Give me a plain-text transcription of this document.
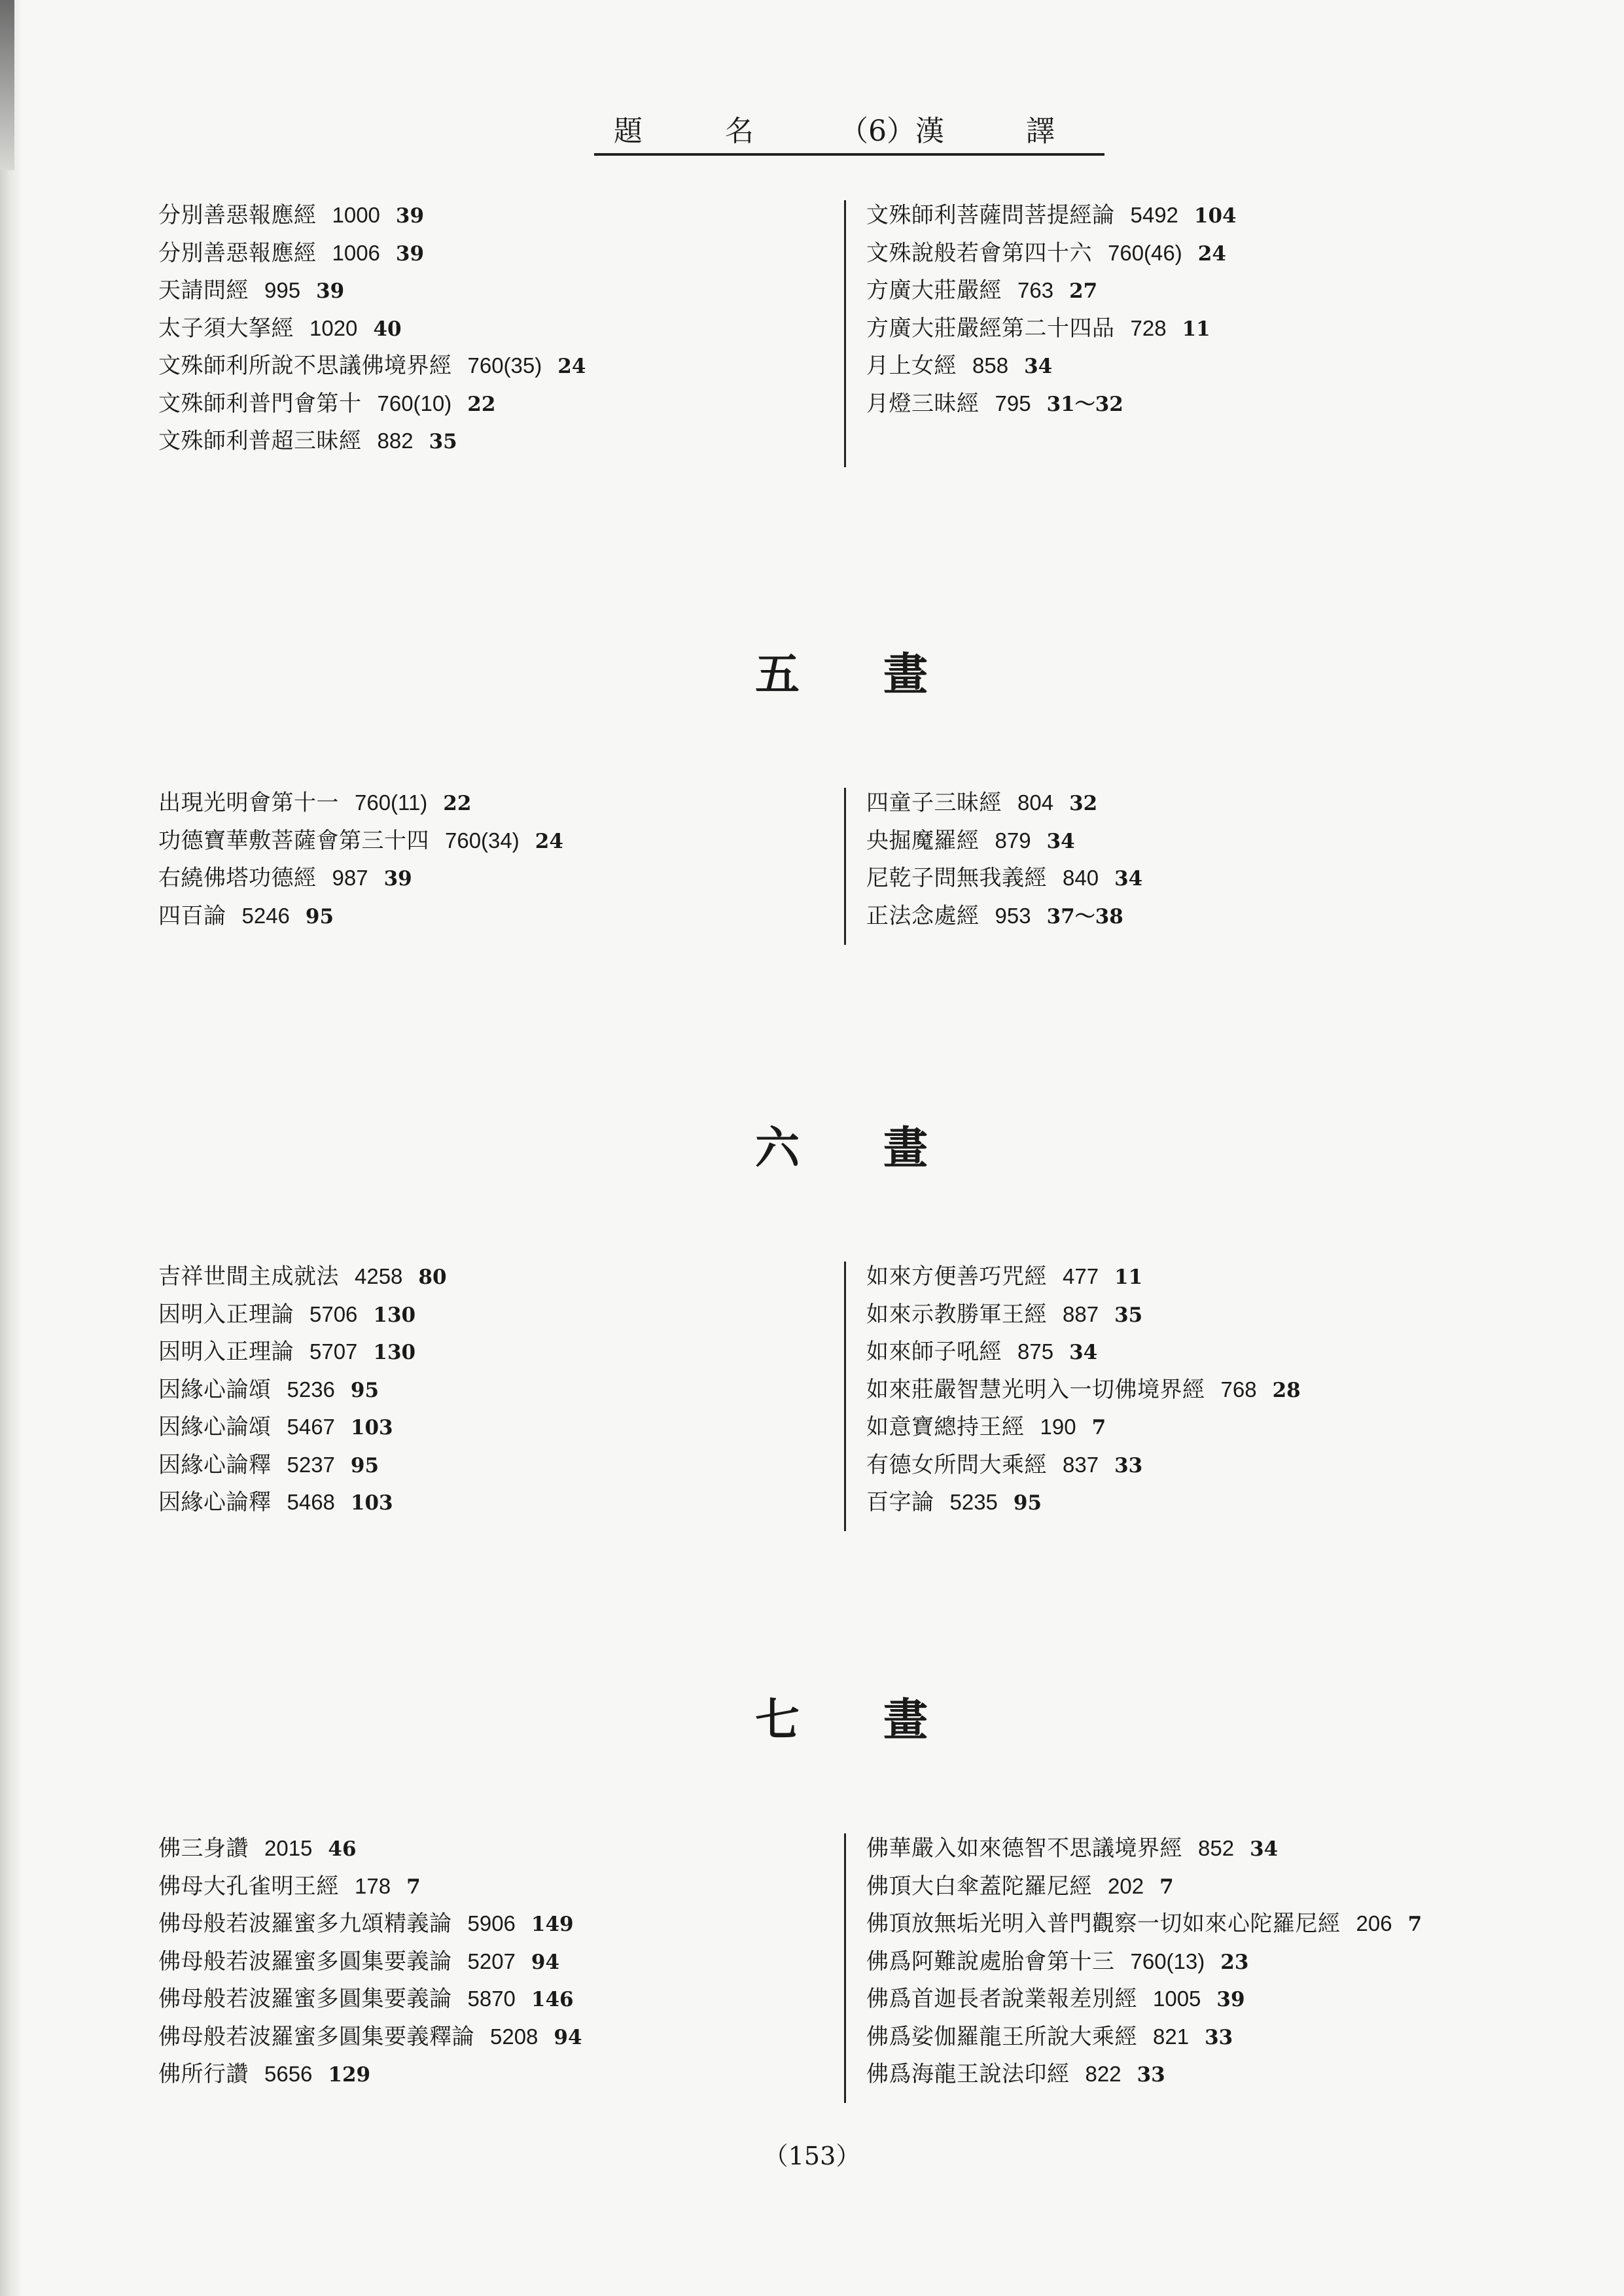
題	名	（6）漢	譯
分別善惡報應經 1000 39
分別善惡報應經 1006 39
天請問經 995 39
太子須大拏經 1020 40
文殊師利所說不思議佛境界經 760(35) 24
文殊師利普門會第十 760(10) 22
文殊師利普超三昧經 882 35
文殊師利菩薩問菩提經論 5492 104
文殊說般若會第四十六 760(46) 24
方廣大莊嚴經 763 27
方廣大莊嚴經第二十四品 728 11
月上女經 858 34
月燈三昧經 795 31～32
五 畫
出現光明會第十一 760(11) 22
功德寶華敷菩薩會第三十四 760(34) 24
右繞佛塔功德經 987 39
四百論 5246 95
四童子三昧經 804 32
央掘魔羅經 879 34
尼乾子問無我義經 840 34
正法念處經 953 37～38
六 畫
吉祥世間主成就法 4258 80
因明入正理論 5706 130
因明入正理論 5707 130
因緣心論頌 5236 95
因緣心論頌 5467 103
因緣心論釋 5237 95
因緣心論釋 5468 103
如來方便善巧咒經 477 11
如來示教勝軍王經 887 35
如來師子吼經 875 34
如來莊嚴智慧光明入一切佛境界經 768 28
如意寶總持王經 190 7
有德女所問大乘經 837 33
百字論 5235 95
七 畫
佛三身讚 2015 46
佛母大孔雀明王經 178 7
佛母般若波羅蜜多九頌精義論 5906 149
佛母般若波羅蜜多圓集要義論 5207 94
佛母般若波羅蜜多圓集要義論 5870 146
佛母般若波羅蜜多圓集要義釋論 5208 94
佛所行讚 5656 129
佛華嚴入如來德智不思議境界經 852 34
佛頂大白傘蓋陀羅尼經 202 7
佛頂放無垢光明入普門觀察一切如來心陀羅尼經 206 7
佛爲阿難說處胎會第十三 760(13) 23
佛爲首迦長者說業報差別經 1005 39
佛爲娑伽羅龍王所說大乘經 821 33
佛爲海龍王說法印經 822 33
（153）
